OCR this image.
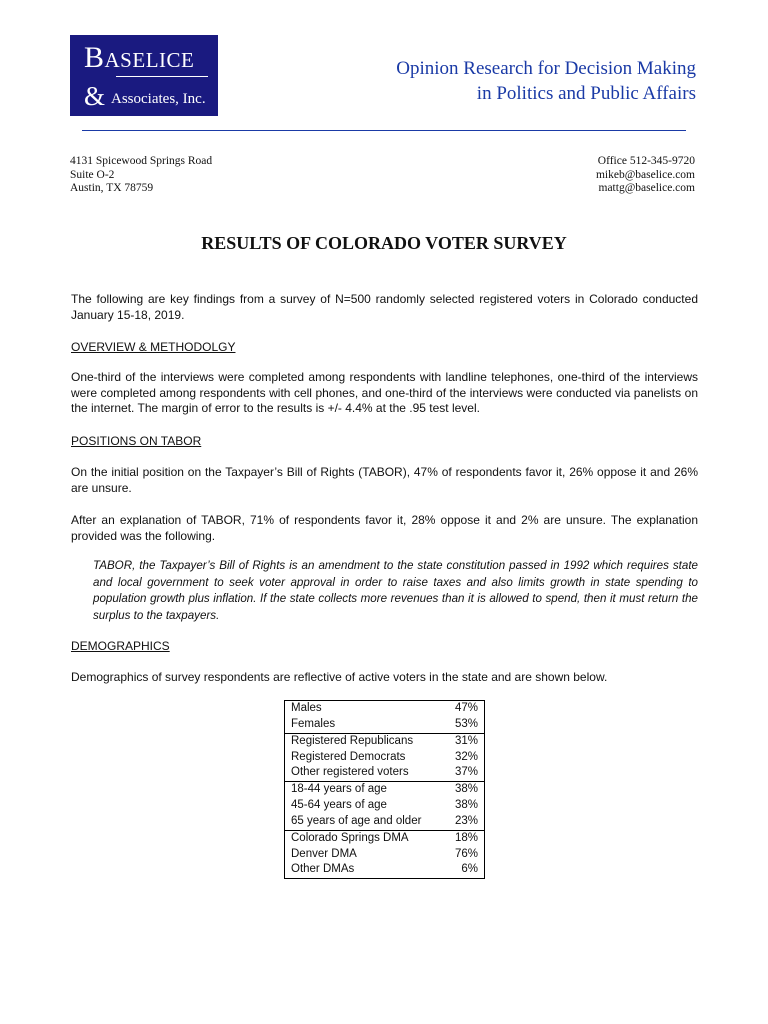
BASELICE
& Associates, Inc.
Opinion Research for Decision Making
in Politics and Public Affairs
4131 Spicewood Springs Road
Suite O-2
Austin, TX 78759
Office 512-345-9720
mikeb@baselice.com
mattg@baselice.com
RESULTS OF COLORADO VOTER SURVEY
The following are key findings from a survey of N=500 randomly selected registered voters in Colorado conducted January 15-18, 2019.
OVERVIEW & METHODOLGY
One-third of the interviews were completed among respondents with landline telephones, one-third of the interviews were completed among respondents with cell phones, and one-third of the interviews were conducted via panelists on the internet. The margin of error to the results is +/- 4.4% at the .95 test level.
POSITIONS ON TABOR
On the initial position on the Taxpayer’s Bill of Rights (TABOR), 47% of respondents favor it, 26% oppose it and 26% are unsure.
After an explanation of TABOR, 71% of respondents favor it, 28% oppose it and 2% are unsure. The explanation provided was the following.
TABOR, the Taxpayer’s Bill of Rights is an amendment to the state constitution passed in 1992 which requires state and local government to seek voter approval in order to raise taxes and also limits growth in state spending to population growth plus inflation. If the state collects more revenues than it is allowed to spend, then it must return the surplus to the taxpayers.
DEMOGRAPHICS
Demographics of survey respondents are reflective of active voters in the state and are shown below.
Males	47%
Females	53%
Registered Republicans	31%
Registered Democrats	32%
Other registered voters	37%
18-44 years of age	38%
45-64 years of age	38%
65 years of age and older	23%
Colorado Springs DMA	18%
Denver DMA	76%
Other DMAs	6%
